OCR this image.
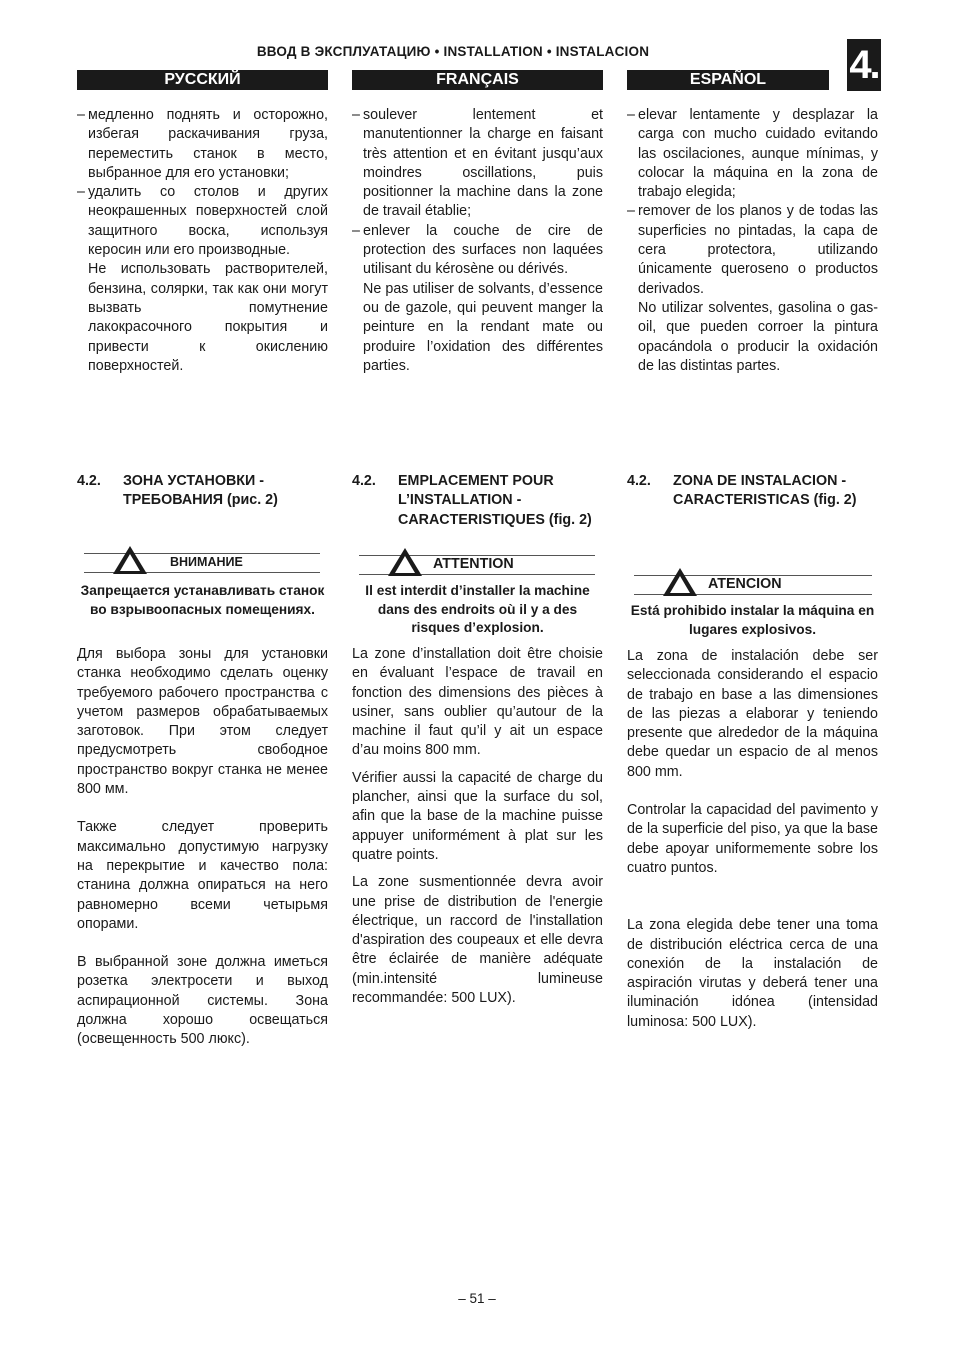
ВВОД В ЭКСПЛУАТАЦИЮ • INSTALLATION • INSTALACION	4.
РУССКИЙ	FRANÇAIS	ESPAÑOL
– медленно поднять и осторожно, избегая раскачивания груза, переместить станок в место, выбранное для его установки;
– удалить со столов и других неокрашенных поверхностей слой защитного воска, используя керосин или его производные.
Не использовать растворителей, бензина, солярки, так как они могут вызвать помутнение лакокрасочного покрытия и привести к окислению поверхностей.
4.2. ЗОНА УСТАНОВКИ - ТРЕБОВАНИЯ (рис. 2)
ВНИМАНИЕ
Запрещается устанавливать станок во взрывоопасных помещениях.

Для выбора зоны для установки станка необходимо сделать оценку требуемого рабочего пространства с учетом размеров обрабатываемых заготовок. При этом следует предусмотреть свободное пространство вокруг станка не менее 800 мм.

Также следует проверить максимально допустимую нагрузку на перекрытие и качество пола: станина должна опираться на него равномерно всеми четырьмя опорами.

В выбранной зоне должна иметься розетка электросети и выход аспирационной системы. Зона должна хорошо освещаться (освещенность 500 люкс).

– soulever lentement et manutentionner la charge en faisant très attention et en évitant jusqu’aux moindres oscillations, puis positionner la machine dans la zone de travail établie;
– enlever la couche de cire de protection des surfaces non laquées utilisant du kérosène ou dérivés.
Ne pas utiliser de solvants, d’essence ou de gazole, qui peuvent manger la peinture en la rendant mate ou produire l’oxidation des différentes parties.
4.2. EMPLACEMENT POUR L’INSTALLATION - CARACTERISTIQUES (fig. 2)
ATTENTION
Il est interdit d’installer la machine dans des endroits où il y a des risques d’explosion.

La zone d’installation doit être choisie en évaluant l’espace de travail en fonction des dimensions des pièces à usiner, sans oublier qu’autour de la machine il faut qu’il y ait un espace d’au moins 800 mm.

Vérifier aussi la capacité de charge du plancher, ainsi que la surface du sol, afin que la base de la machine puisse appuyer uniformément à plat sur les quatre points.

La zone susmentionnée devra avoir une prise de distribution de l'energie électrique, un raccord de l'installation d'aspiration des coupeaux et elle devra être éclairée de manière adéquate (min.intensité lumineuse recommandée: 500 LUX).

– elevar lentamente y desplazar la carga con mucho cuidado evitando las oscilaciones, aunque mínimas, y colocar la máquina en la zona de trabajo elegida;
– remover de los planos y de todas las superficies no pintadas, la capa de cera protectora, utilizando únicamente queroseno o productos derivados.
No utilizar solventes, gasolina o gas-oil, que pueden corroer la pintura opacándola o producir la oxidación de las distintas partes.
4.2. ZONA DE INSTALACION - CARACTERISTICAS (fig. 2)
ATENCION
Está prohibido instalar la máquina en lugares explosivos.

La zona de instalación debe ser seleccionada considerando el espacio de trabajo en base a las dimensiones de las piezas a elaborar y teniendo presente que alrededor de la máquina debe quedar un espacio de al menos 800 mm.

Controlar la capacidad del pavimento y de la superficie del piso, ya que la base debe apoyar uniformemente sobre los cuatro puntos.

La zona elegida debe tener una toma de distribución eléctrica cerca de una conexión de la instalación de aspiración virutas y deberá tener una iluminación idónea (intensidad luminosa: 500 LUX).

– 51 –
